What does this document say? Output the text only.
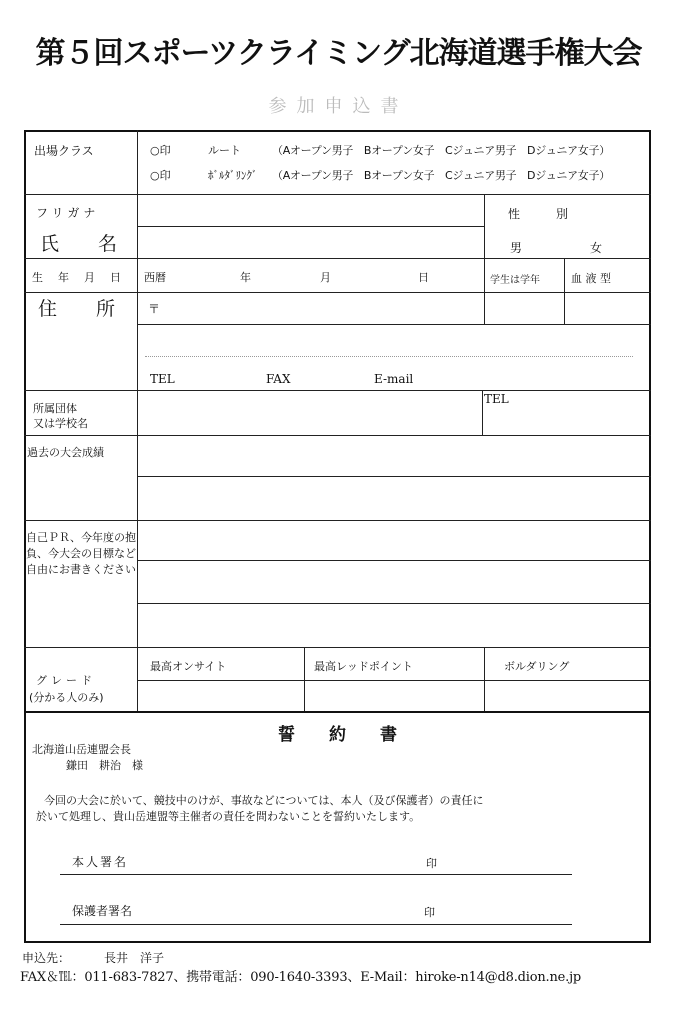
第５回スポーツクライミング北海道選手権大会
参加申込書
出場クラス	○印	ルート	（Aオープン男子　Bオープン女子　Cジュニア男子　Dジュニア女子）
○印	ﾎﾞﾙﾀﾞﾘﾝｸﾞ （Aオープン男子　Bオープン女子　Cジュニア男子　Dジュニア女子）
フリガナ	性　　　別
氏　名	男	女
生　年　月　日 西暦	年	月	日	学生は学年	血 液 型
住　所 〒
TEL	FAX	E-mail
所属団体
又は学校名
TEL
過去の大会成績
自己ＰＲ、今年度の抱負、今大会の目標など自由にお書きください
グレード
(分かる人のみ)
最高オンサイト	最高レッドポイント	ボルダリング
誓　　約　　書
北海道山岳連盟会長
鎌田　耕治　様
今回の大会に於いて、競技中のけが、事故などについては、本人（及び保護者）の責任に
於いて処理し、貴山岳連盟等主催者の責任を問わないことを誓約いたします。
本人署名	印
保護者署名	印
申込先：	長井　洋子
FAX＆℡：011-683-7827、携帯電話：090-1640-3393、E-Mail：hiroke-n14@d8.dion.ne.jp
